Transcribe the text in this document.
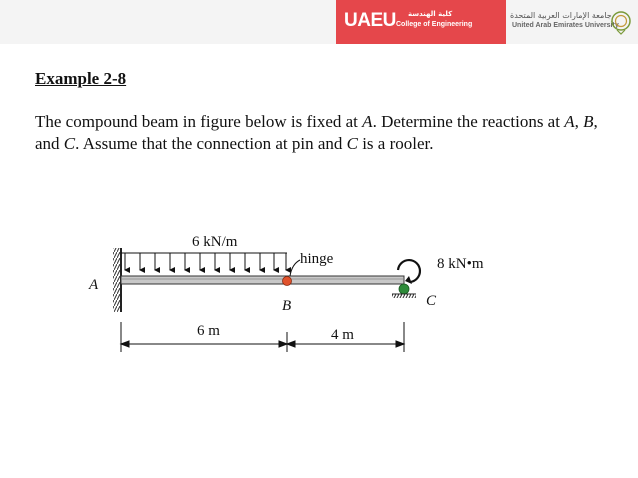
UAEU كلية الهندسة
College of Engineering
جامعة الإمارات العربية المتحدة
United Arab Emirates University
Example 2-8

The compound beam in figure below is fixed at A. Determine the reactions at A, B, and C. Assume that the connection at pin and C is a rooler.

6 kN/m
hinge	8 kN•m
A
B	C
6 m	4 m
